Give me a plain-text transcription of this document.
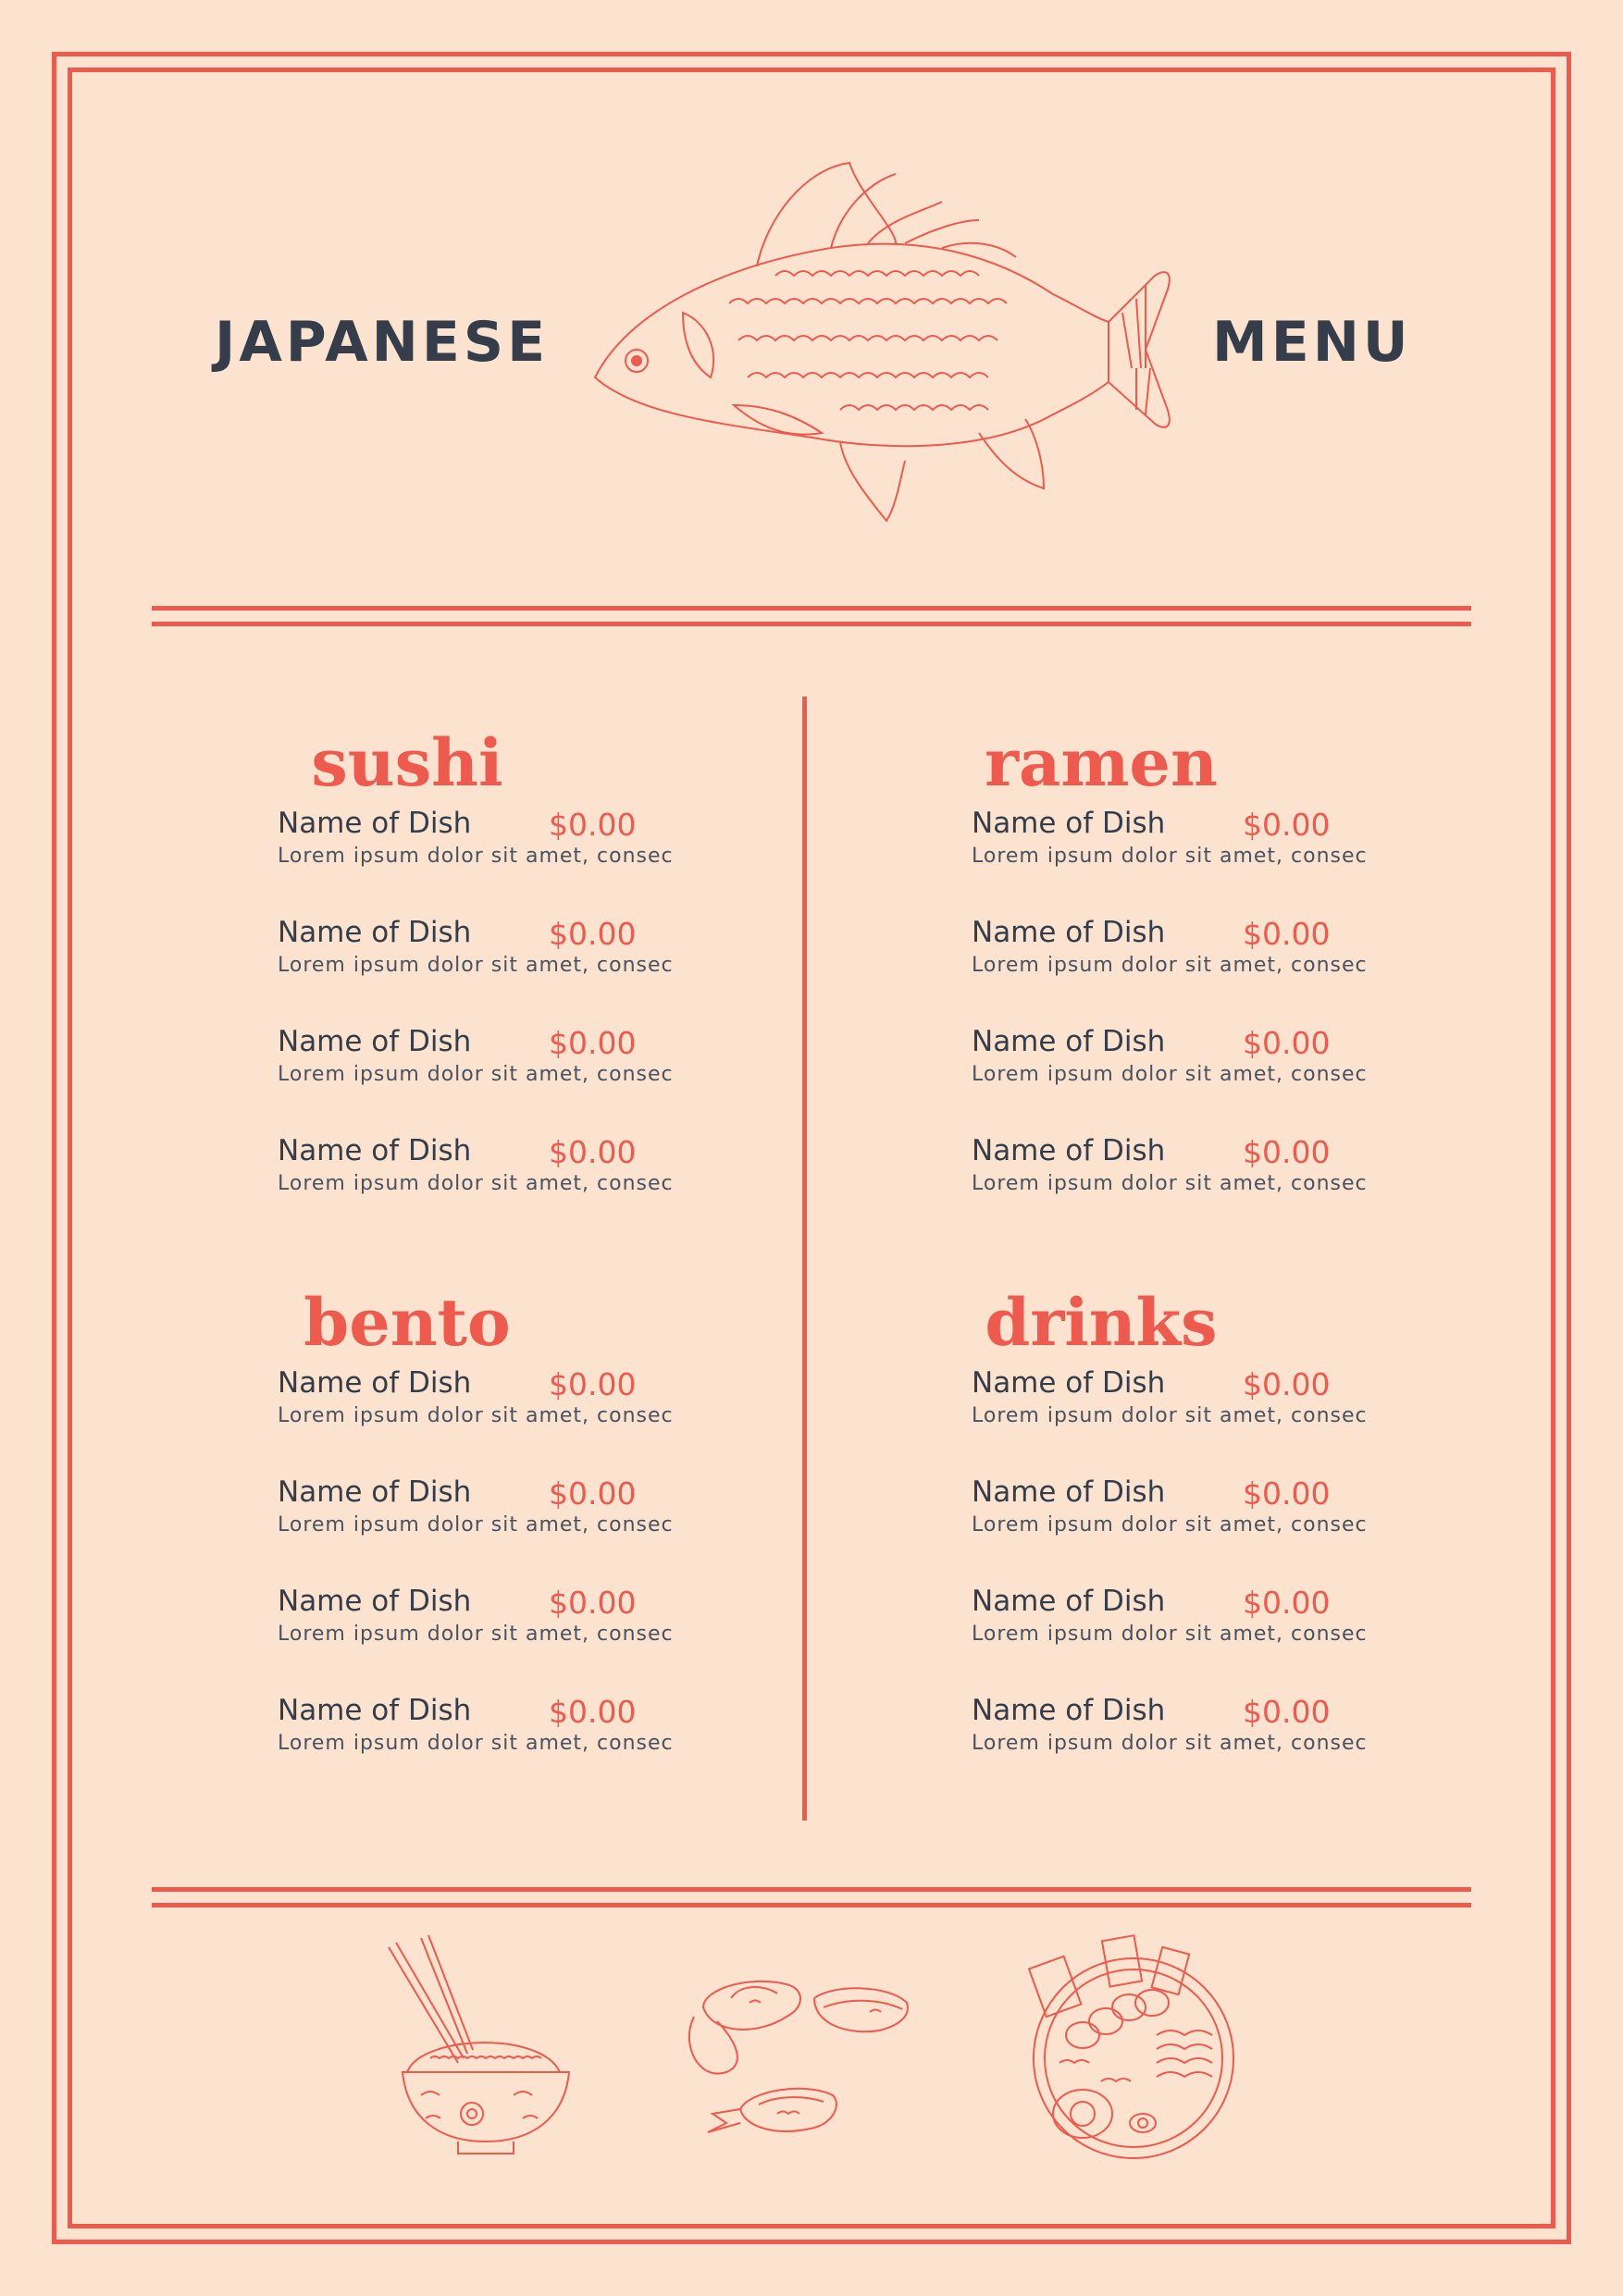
JAPANESE	MENU
sushi
Name of Dish	$0.00
Lorem ipsum dolor sit amet, consec
Name of Dish	$0.00
Lorem ipsum dolor sit amet, consec
Name of Dish	$0.00
Lorem ipsum dolor sit amet, consec
Name of Dish	$0.00
Lorem ipsum dolor sit amet, consec
ramen
Name of Dish	$0.00
Lorem ipsum dolor sit amet, consec
Name of Dish	$0.00
Lorem ipsum dolor sit amet, consec
Name of Dish	$0.00
Lorem ipsum dolor sit amet, consec
Name of Dish	$0.00
Lorem ipsum dolor sit amet, consec
bento
Name of Dish	$0.00
Lorem ipsum dolor sit amet, consec
Name of Dish	$0.00
Lorem ipsum dolor sit amet, consec
Name of Dish	$0.00
Lorem ipsum dolor sit amet, consec
Name of Dish	$0.00
Lorem ipsum dolor sit amet, consec
drinks
Name of Dish	$0.00
Lorem ipsum dolor sit amet, consec
Name of Dish	$0.00
Lorem ipsum dolor sit amet, consec
Name of Dish	$0.00
Lorem ipsum dolor sit amet, consec
Name of Dish	$0.00
Lorem ipsum dolor sit amet, consec
